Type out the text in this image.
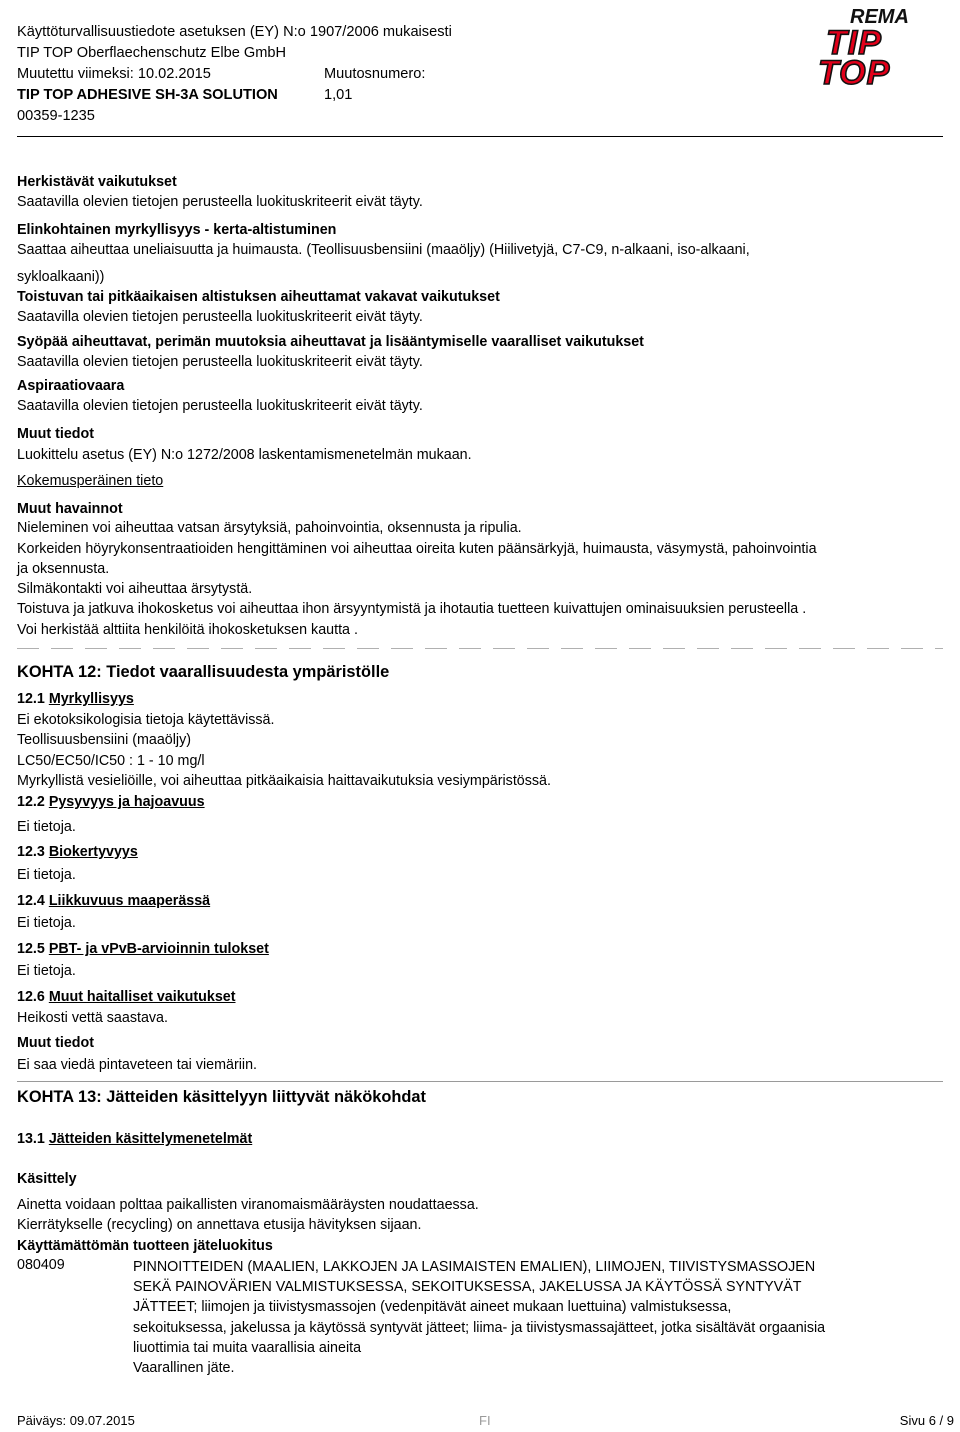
Käyttöturvallisuustiedote asetuksen (EY) N:o 1907/2006 mukaisesti
TIP TOP Oberflaechenschutz Elbe GmbH
Muutettu viimeksi: 10.02.2015	Muutosnumero: 1,01
TIP TOP ADHESIVE SH-3A SOLUTION
00359-1235
REMA
TIP
TOP
Herkistävät vaikutukset
Saatavilla olevien tietojen perusteella luokituskriteerit eivät täyty.
Elinkohtainen myrkyllisyys - kerta-altistuminen
Saattaa aiheuttaa uneliaisuutta ja huimausta. (Teollisuusbensiini (maaöljy) (Hiilivetyjä, C7-C9, n-alkaani, iso-alkaani,
sykloalkaani))
Toistuvan tai pitkäaikaisen altistuksen aiheuttamat vakavat vaikutukset
Saatavilla olevien tietojen perusteella luokituskriteerit eivät täyty.
Syöpää aiheuttavat, perimän muutoksia aiheuttavat ja lisääntymiselle vaaralliset vaikutukset
Saatavilla olevien tietojen perusteella luokituskriteerit eivät täyty.
Aspiraatiovaara
Saatavilla olevien tietojen perusteella luokituskriteerit eivät täyty.
Muut tiedot
Luokittelu asetus (EY) N:o 1272/2008 laskentamismenetelmän mukaan.
Kokemusperäinen tieto
Muut havainnot
Nieleminen voi aiheuttaa vatsan ärsytyksiä, pahoinvointia, oksennusta ja ripulia.
Korkeiden höyrykonsentraatioiden hengittäminen voi aiheuttaa oireita kuten päänsärkyjä, huimausta, väsymystä, pahoinvointia
ja oksennusta.
Silmäkontakti voi aiheuttaa ärsytystä.
Toistuva ja jatkuva ihokosketus voi aiheuttaa ihon ärsyyntymistä ja ihotautia tuetteen kuivattujen ominaisuuksien perusteella .
Voi herkistää alttiita henkilöitä ihokosketuksen kautta .
KOHTA 12: Tiedot vaarallisuudesta ympäristölle
12.1 Myrkyllisyys
Ei ekotoksikologisia tietoja käytettävissä.
Teollisuusbensiini (maaöljy)
LC50/EC50/IC50 : 1 - 10 mg/l
Myrkyllistä vesieliöille, voi aiheuttaa pitkäaikaisia haittavaikutuksia vesiympäristössä.
12.2 Pysyvyys ja hajoavuus
Ei tietoja.
12.3 Biokertyvyys
Ei tietoja.
12.4 Liikkuvuus maaperässä
Ei tietoja.
12.5 PBT- ja vPvB-arvioinnin tulokset
Ei tietoja.
12.6 Muut haitalliset vaikutukset
Heikosti vettä saastava.
Muut tiedot
Ei saa viedä pintaveteen tai viemäriin.
KOHTA 13: Jätteiden käsittelyyn liittyvät näkökohdat
13.1 Jätteiden käsittelymenetelmät
Käsittely
Ainetta voidaan polttaa paikallisten viranomaismääräysten noudattaessa.
Kierrätykselle (recycling) on annettava etusija hävityksen sijaan.
Käyttämättömän tuotteen jäteluokitus
080409	PINNOITTEIDEN (MAALIEN, LAKKOJEN JA LASIMAISTEN EMALIEN), LIIMOJEN, TIIVISTYSMASSOJEN
SEKÄ PAINOVÄRIEN VALMISTUKSESSA, SEKOITUKSESSA, JAKELUSSA JA KÄYTÖSSÄ SYNTYVÄT
JÄTTEET; liimojen ja tiivistysmassojen (vedenpitävät aineet mukaan luettuina) valmistuksessa,
sekoituksessa, jakelussa ja käytössä syntyvät jätteet; liima- ja tiivistysmassajätteet, jotka sisältävät orgaanisia
liuottimia tai muita vaarallisia aineita
Vaarallinen jäte.
Päiväys: 09.07.2015	FI	Sivu 6 / 9
